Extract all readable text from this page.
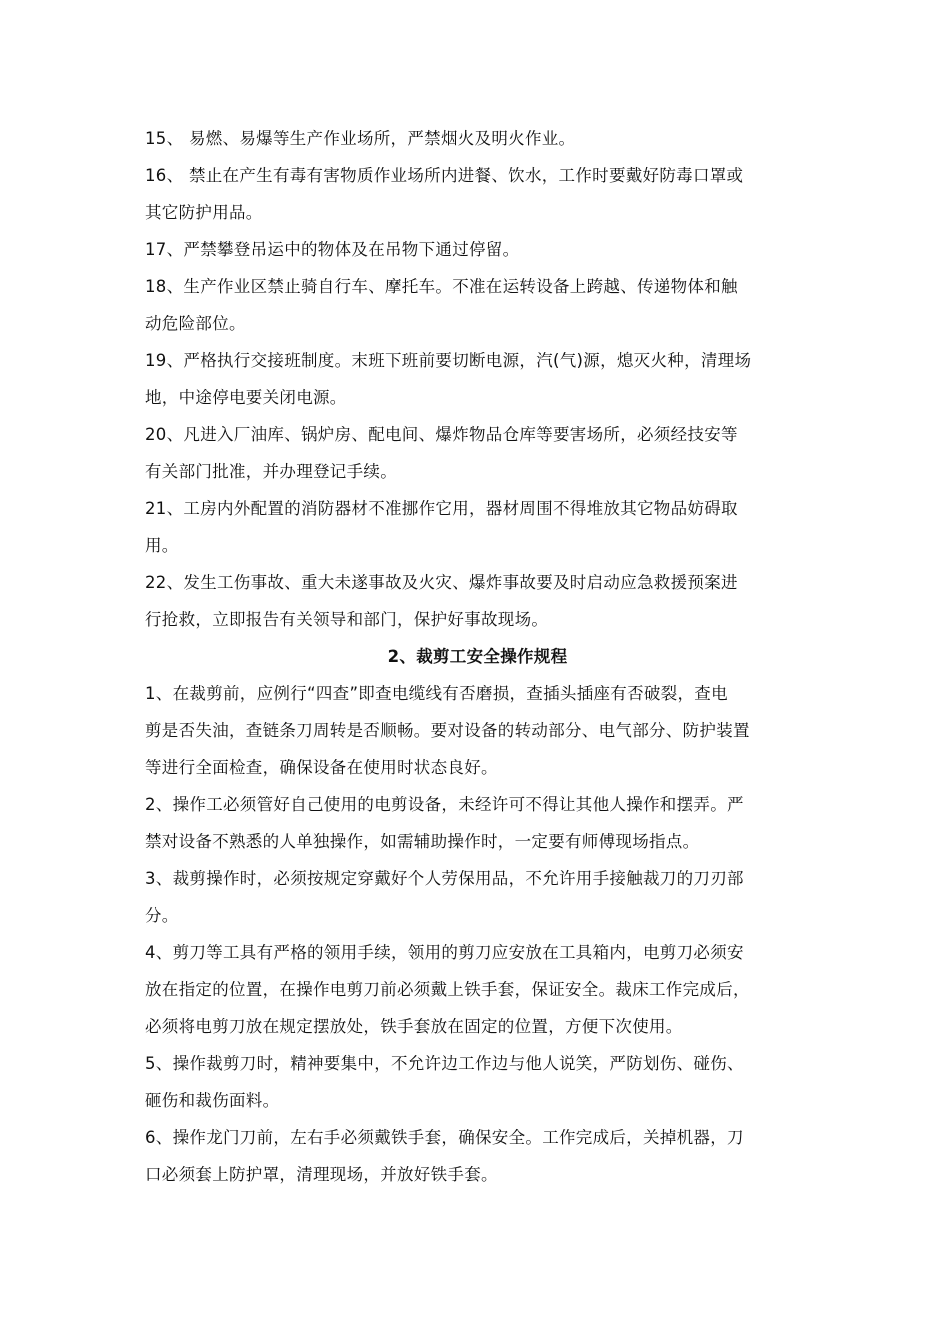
15、 易燃、易爆等生产作业场所，严禁烟火及明火作业。
16、 禁止在产生有毒有害物质作业场所内进餐、饮水，工作时要戴好防毒口罩或
其它防护用品。
17、严禁攀登吊运中的物体及在吊物下通过停留。
18、生产作业区禁止骑自行车、摩托车。不准在运转设备上跨越、传递物体和触
动危险部位。
19、严格执行交接班制度。末班下班前要切断电源，汽(气)源，熄灭火种，清理场
地，中途停电要关闭电源。
20、凡进入厂油库、锅炉房、配电间、爆炸物品仓库等要害场所，必须经技安等
有关部门批准，并办理登记手续。
21、工房内外配置的消防器材不准挪作它用，器材周围不得堆放其它物品妨碍取
用。
22、发生工伤事故、重大未遂事故及火灾、爆炸事故要及时启动应急救援预案进
行抢救，立即报告有关领导和部门，保护好事故现场。
2、裁剪工安全操作规程
1、在裁剪前，应例行“四查”即查电缆线有否磨损，查插头插座有否破裂，查电
剪是否失油，查链条刀周转是否顺畅。要对设备的转动部分、电气部分、防护装置
等进行全面检查，确保设备在使用时状态良好。
2、操作工必须管好自己使用的电剪设备，未经许可不得让其他人操作和摆弄。严
禁对设备不熟悉的人单独操作，如需辅助操作时，一定要有师傅现场指点。
3、裁剪操作时，必须按规定穿戴好个人劳保用品，不允许用手接触裁刀的刀刃部
分。
4、剪刀等工具有严格的领用手续，领用的剪刀应安放在工具箱内，电剪刀必须安
放在指定的位置，在操作电剪刀前必须戴上铁手套，保证安全。裁床工作完成后，
必须将电剪刀放在规定摆放处，铁手套放在固定的位置，方便下次使用。
5、操作裁剪刀时，精神要集中，不允许边工作边与他人说笑，严防划伤、碰伤、
砸伤和裁伤面料。
6、操作龙门刀前，左右手必须戴铁手套，确保安全。工作完成后，关掉机器，刀
口必须套上防护罩，清理现场，并放好铁手套。
